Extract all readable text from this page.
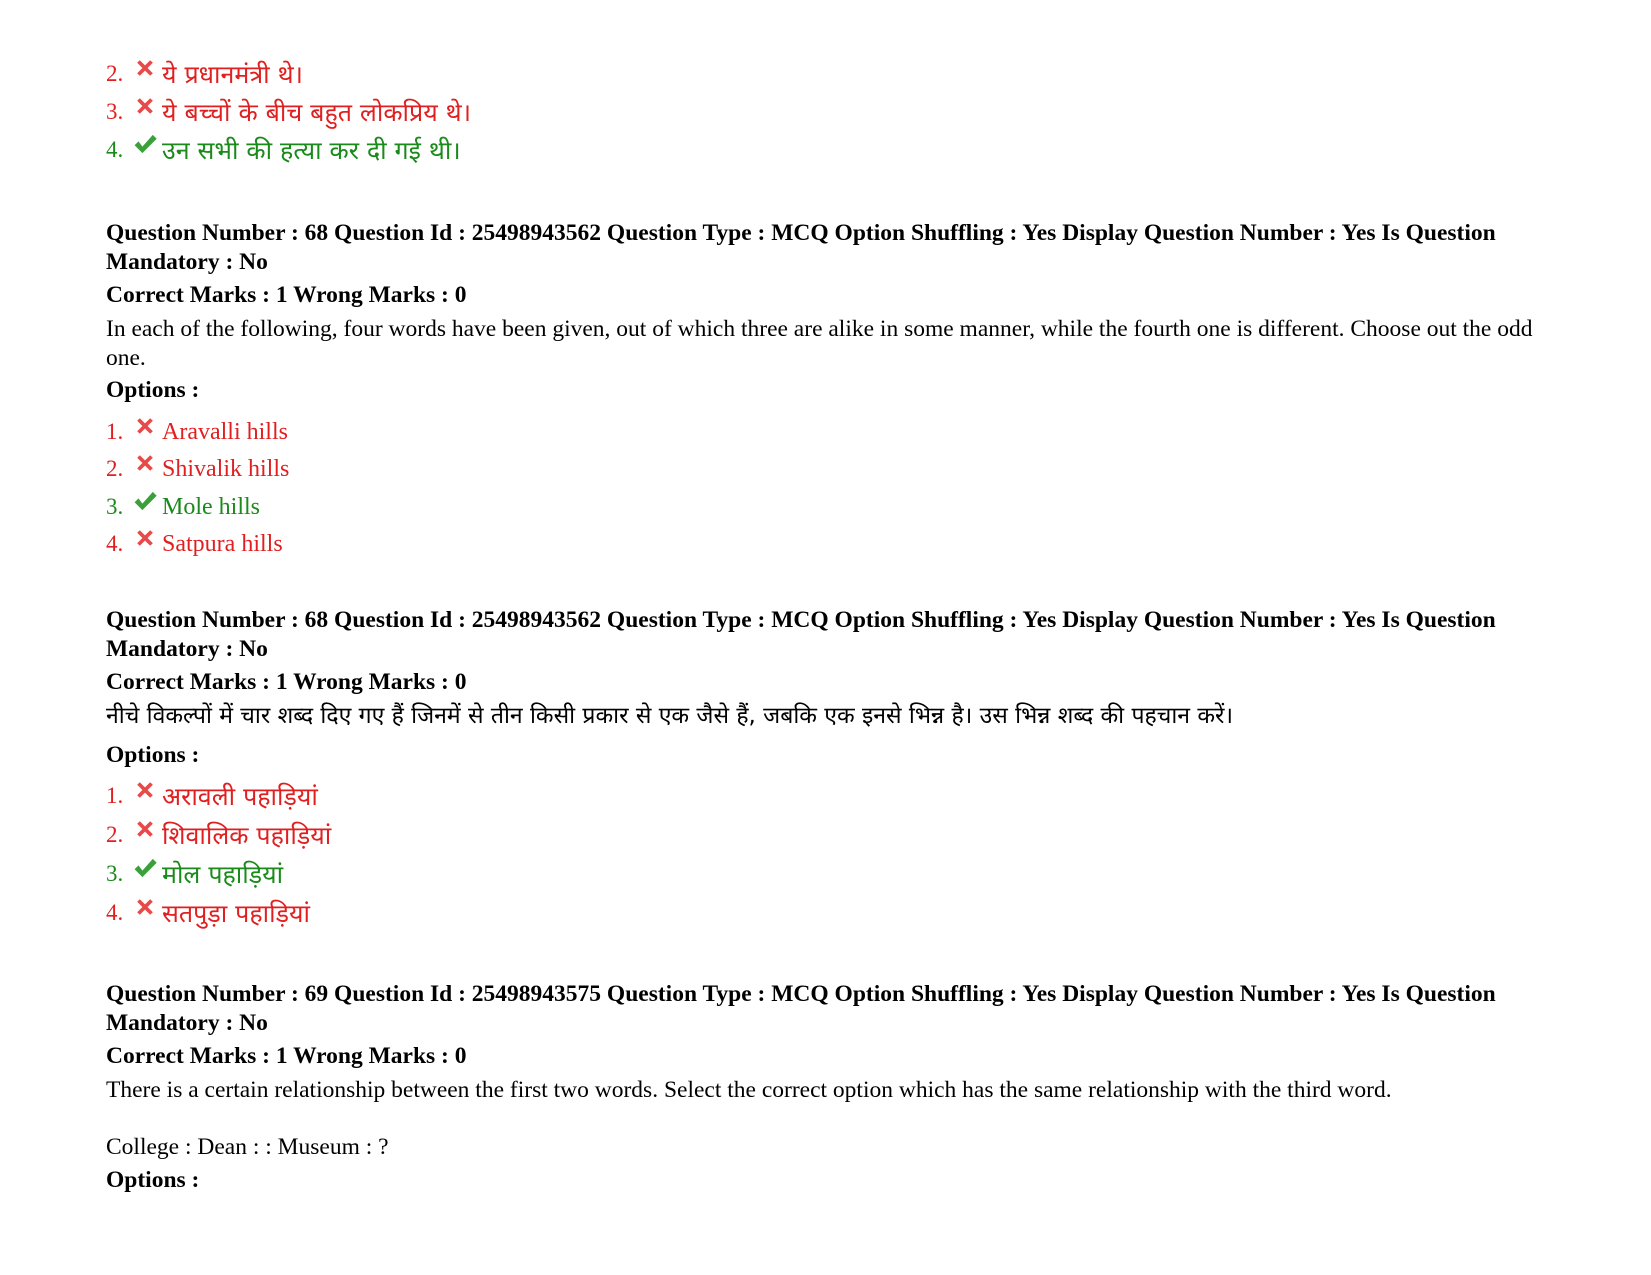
2.	ये प्रधानमंत्री थे।
3.	ये बच्चों के बीच बहुत लोकप्रिय थे।
4.	उन सभी की हत्या कर दी गई थी।
Question Number : 68 Question Id : 25498943562 Question Type : MCQ Option Shuffling : Yes Display Question Number : Yes Is Question Mandatory : No
Correct Marks : 1 Wrong Marks : 0
In each of the following, four words have been given, out of which three are alike in some manner, while the fourth one is different. Choose out the odd one.
Options :
1.	Aravalli hills
2.	Shivalik hills
3.	Mole hills
4.	Satpura hills
Question Number : 68 Question Id : 25498943562 Question Type : MCQ Option Shuffling : Yes Display Question Number : Yes Is Question Mandatory : No
Correct Marks : 1 Wrong Marks : 0
नीचे विकल्पों में चार शब्द दिए गए हैं जिनमें से तीन किसी प्रकार से एक जैसे हैं, जबकि एक इनसे भिन्न है। उस भिन्न शब्द की पहचान करें।
Options :
1.	अरावली पहाड़ियां
2.	शिवालिक पहाड़ियां
3.	मोल पहाड़ियां
4.	सतपुड़ा पहाड़ियां
Question Number : 69 Question Id : 25498943575 Question Type : MCQ Option Shuffling : Yes Display Question Number : Yes Is Question Mandatory : No
Correct Marks : 1 Wrong Marks : 0
There is a certain relationship between the first two words. Select the correct option which has the same relationship with the third word.
College : Dean : : Museum : ?
Options :
